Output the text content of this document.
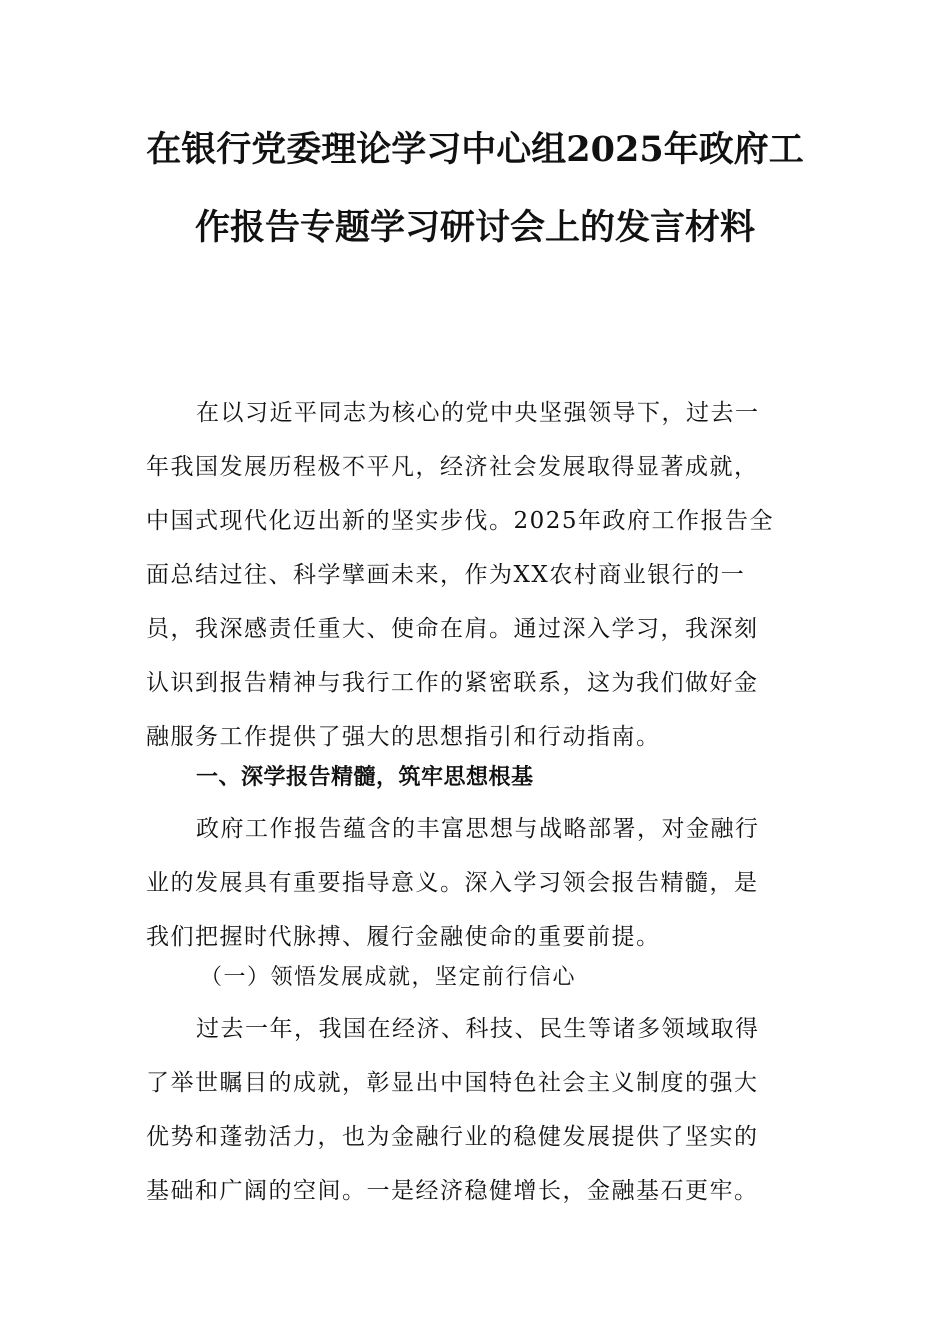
在银行党委理论学习中心组2025年政府工
作报告专题学习研讨会上的发言材料
在以习近平同志为核心的党中央坚强领导下，过去一
年我国发展历程极不平凡，经济社会发展取得显著成就，
中国式现代化迈出新的坚实步伐。2025年政府工作报告全
面总结过往、科学擘画未来，作为XX农村商业银行的一
员，我深感责任重大、使命在肩。通过深入学习，我深刻
认识到报告精神与我行工作的紧密联系，这为我们做好金
融服务工作提供了强大的思想指引和行动指南。
一、深学报告精髓，筑牢思想根基
政府工作报告蕴含的丰富思想与战略部署，对金融行
业的发展具有重要指导意义。深入学习领会报告精髓，是
我们把握时代脉搏、履行金融使命的重要前提。
（一）领悟发展成就，坚定前行信心
过去一年，我国在经济、科技、民生等诸多领域取得
了举世瞩目的成就，彰显出中国特色社会主义制度的强大
优势和蓬勃活力，也为金融行业的稳健发展提供了坚实的
基础和广阔的空间。一是经济稳健增长，金融基石更牢。
